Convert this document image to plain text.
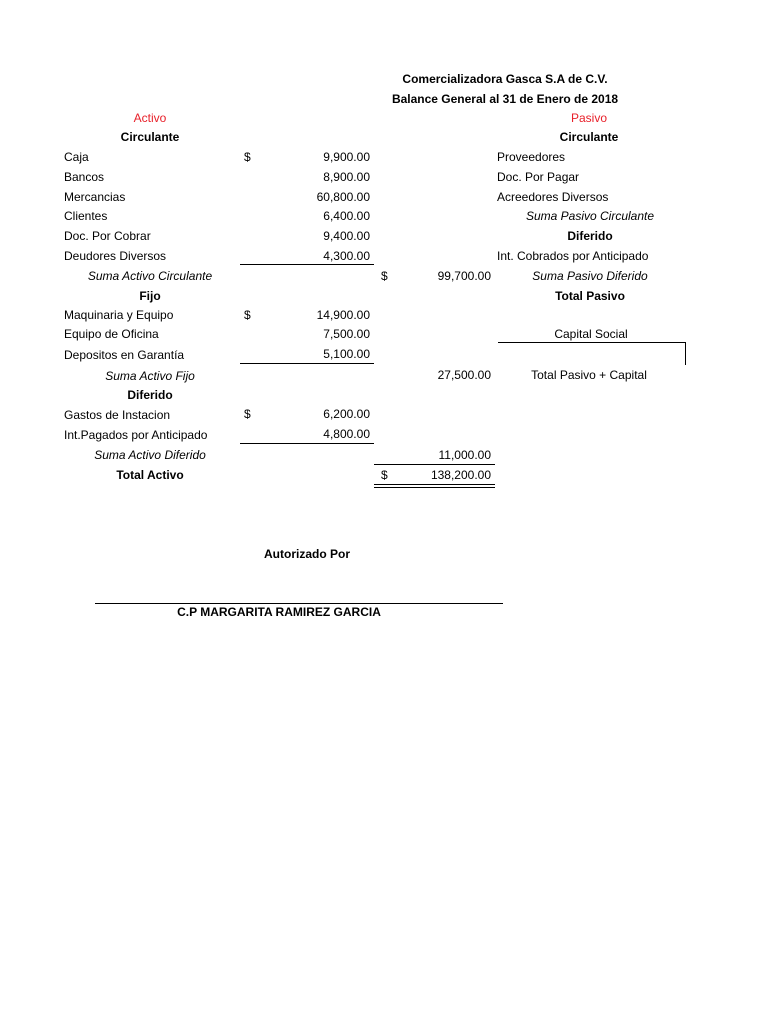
Comercializadora Gasca S.A de C.V.
Balance General al 31 de Enero de 2018
Activo
Circulante
Caja	$	9,900.00
Bancos	8,900.00
Mercancias	60,800.00
Clientes	6,400.00
Doc. Por Cobrar	9,400.00
Deudores Diversos	4,300.00
Suma Activo Circulante	$	99,700.00
Fijo
Maquinaria y Equipo	$	14,900.00
Equipo de Oficina	7,500.00
Depositos en Garantía	5,100.00
Suma Activo Fijo	27,500.00
Diferido
Gastos de Instacion	$	6,200.00
Int.Pagados por Anticipado	4,800.00
Suma Activo Diferido	11,000.00
Total Activo	$	138,200.00
Pasivo
Circulante
Proveedores
Doc. Por Pagar
Acreedores Diversos
Suma Pasivo Circulante
Diferido
Int. Cobrados por Anticipado
Suma Pasivo Diferido
Total Pasivo
Capital Social
Total Pasivo + Capital
Autorizado Por
C.P MARGARITA RAMIREZ GARCIA
